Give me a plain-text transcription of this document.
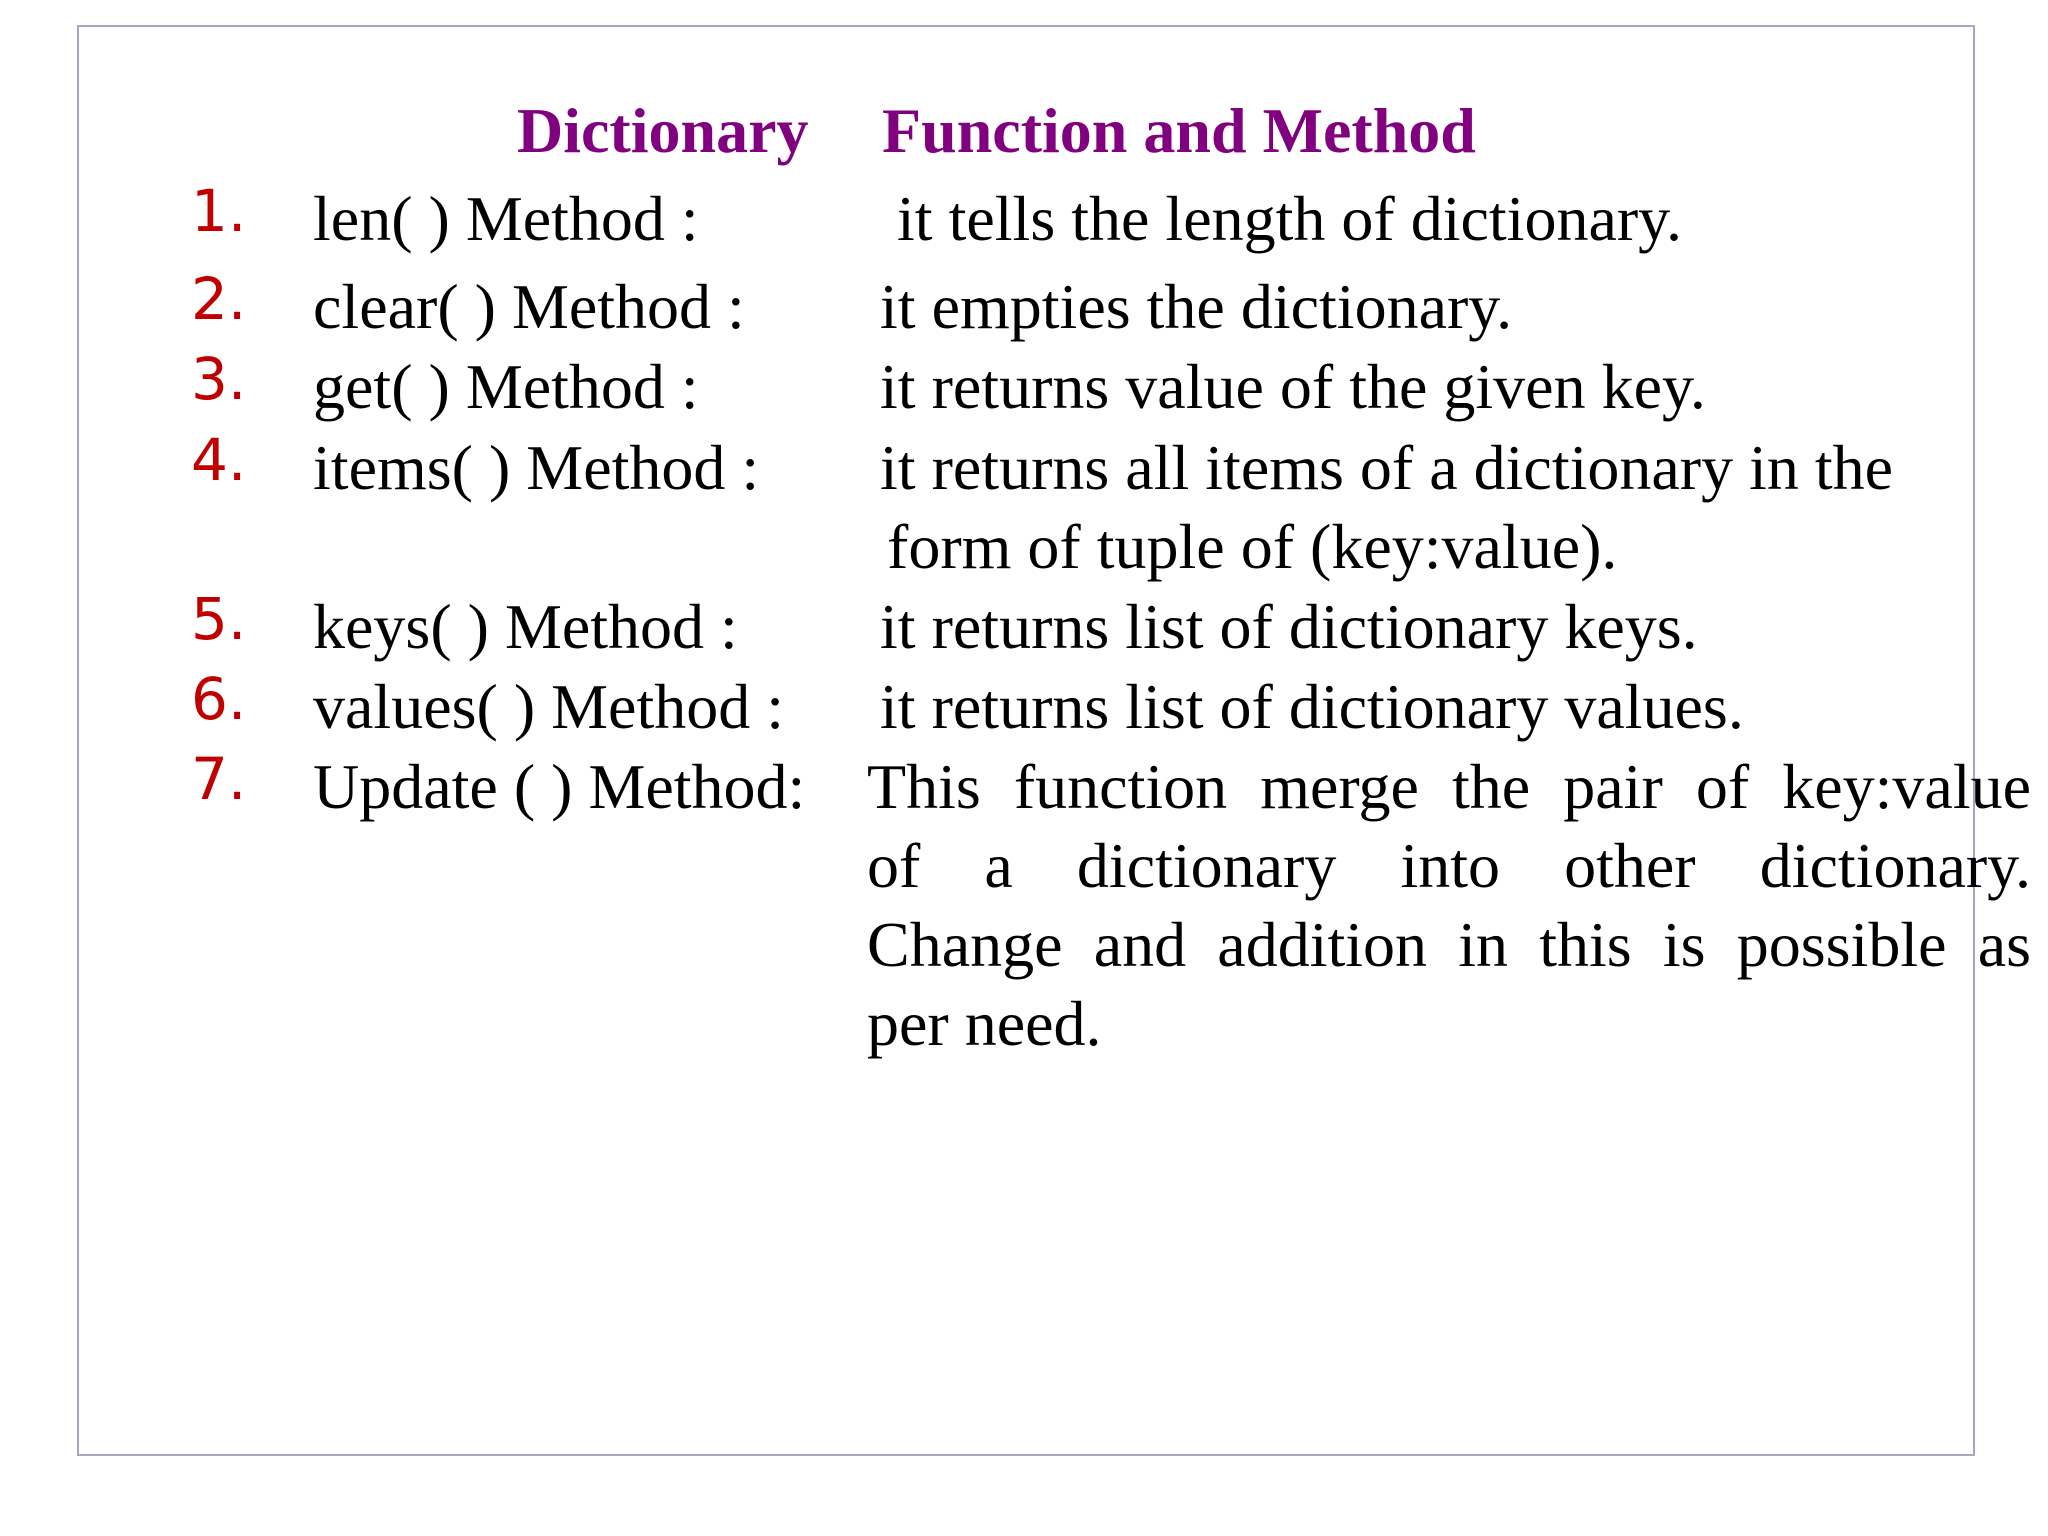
Dictionary Function and Method
1. len( ) Method :	it tells the length of dictionary.
2. clear( ) Method : it empties the dictionary.
3. get( ) Method :	it returns value of the given key.
4. items( ) Method : it returns all items of a dictionary in the
form of tuple of (key:value).
5. keys( ) Method : it returns list of dictionary keys.
6. values( ) Method : it returns list of dictionary values.
7. Update ( ) Method: This function merge the pair of key:value
of a dictionary into other dictionary.
Change and addition in this is possible as
per need.
